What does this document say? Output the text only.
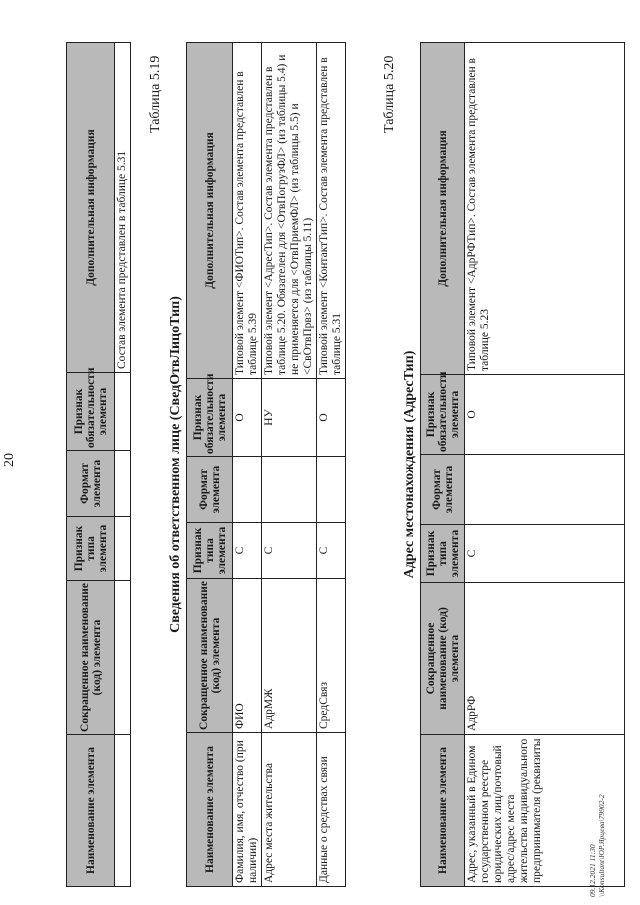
20
Наименование элемента	Сокращенное наименование (код) элемента	Признак типа элемента	Формат элемента	Признак обязательности элемента	Дополнительная информация
					Состав элемента представлен в таблице 5.31
Таблица 5.19
Сведения об ответственном лице (СведОтвЛицоТип)
Наименование элемента	Сокращенное наименование (код) элемента	Признак типа элемента	Формат элемента	Признак обязательности элемента	Дополнительная информация
Фамилия, имя, отчество (при наличии)	ФИО	С		О	Типовой элемент <ФИОТип>. Состав элемента представлен в таблице 5.39
Адрес места жительства	АдрМЖ	С		НУ	Типовой элемент <АдресТип>. Состав элемента представлен в таблице 5.20. Обязателен для <ОтвПогрузФЛ> (из таблицы 5.4) и не применяется для <ОтвПриемФЛ> (из таблицы 5.5) и <СвОтвПрвз> (из таблицы 5.11)
Данные о средствах связи	СредСвяз	С		О	Типовой элемент <КонтактТип>. Состав элемента представлен в таблице 5.31
Таблица 5.20
Адрес местонахождения (АдресТип)
Наименование элемента	Сокращенное наименование (код) элемента	Признак типа элемента	Формат элемента	Признак обязательности элемента	Дополнительная информация
Адрес, указанный в Едином государственном реестре юридических лиц/почтовый адрес/адрес места жительства индивидуального предпринимателя (реквизиты	АдрРФ	С		О	Типовой элемент <АдрРФТип>. Состав элемента представлен в таблице 5.23
09.12.2021 11:30 \\Konsultant\ЮР.Ярцева\79902-2
